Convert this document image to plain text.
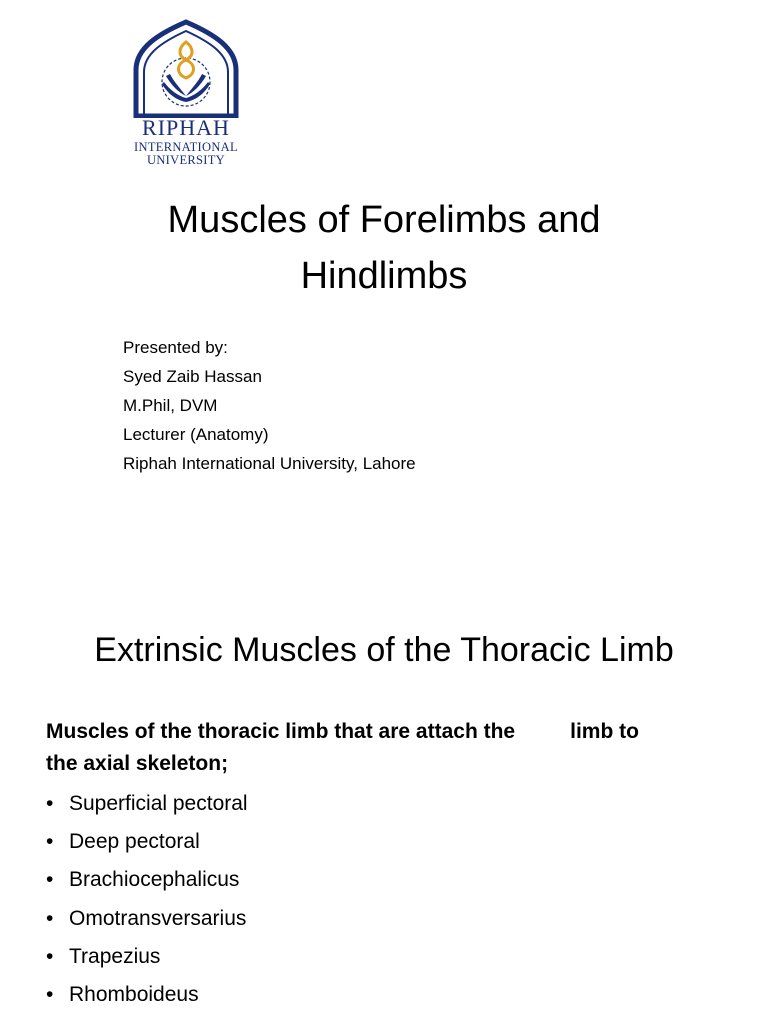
RIPHAH
INTERNATIONAL
UNIVERSITY
Muscles of Forelimbs and
Hindlimbs
Presented by:
Syed Zaib Hassan
M.Phil, DVM
Lecturer (Anatomy)
Riphah International University, Lahore
Extrinsic Muscles of the Thoracic Limb
Muscles of the thoracic limb that are attach the	limb to
the axial skeleton;
• Superficial pectoral
• Deep pectoral
• Brachiocephalicus
• Omotransversarius
• Trapezius
• Rhomboideus
